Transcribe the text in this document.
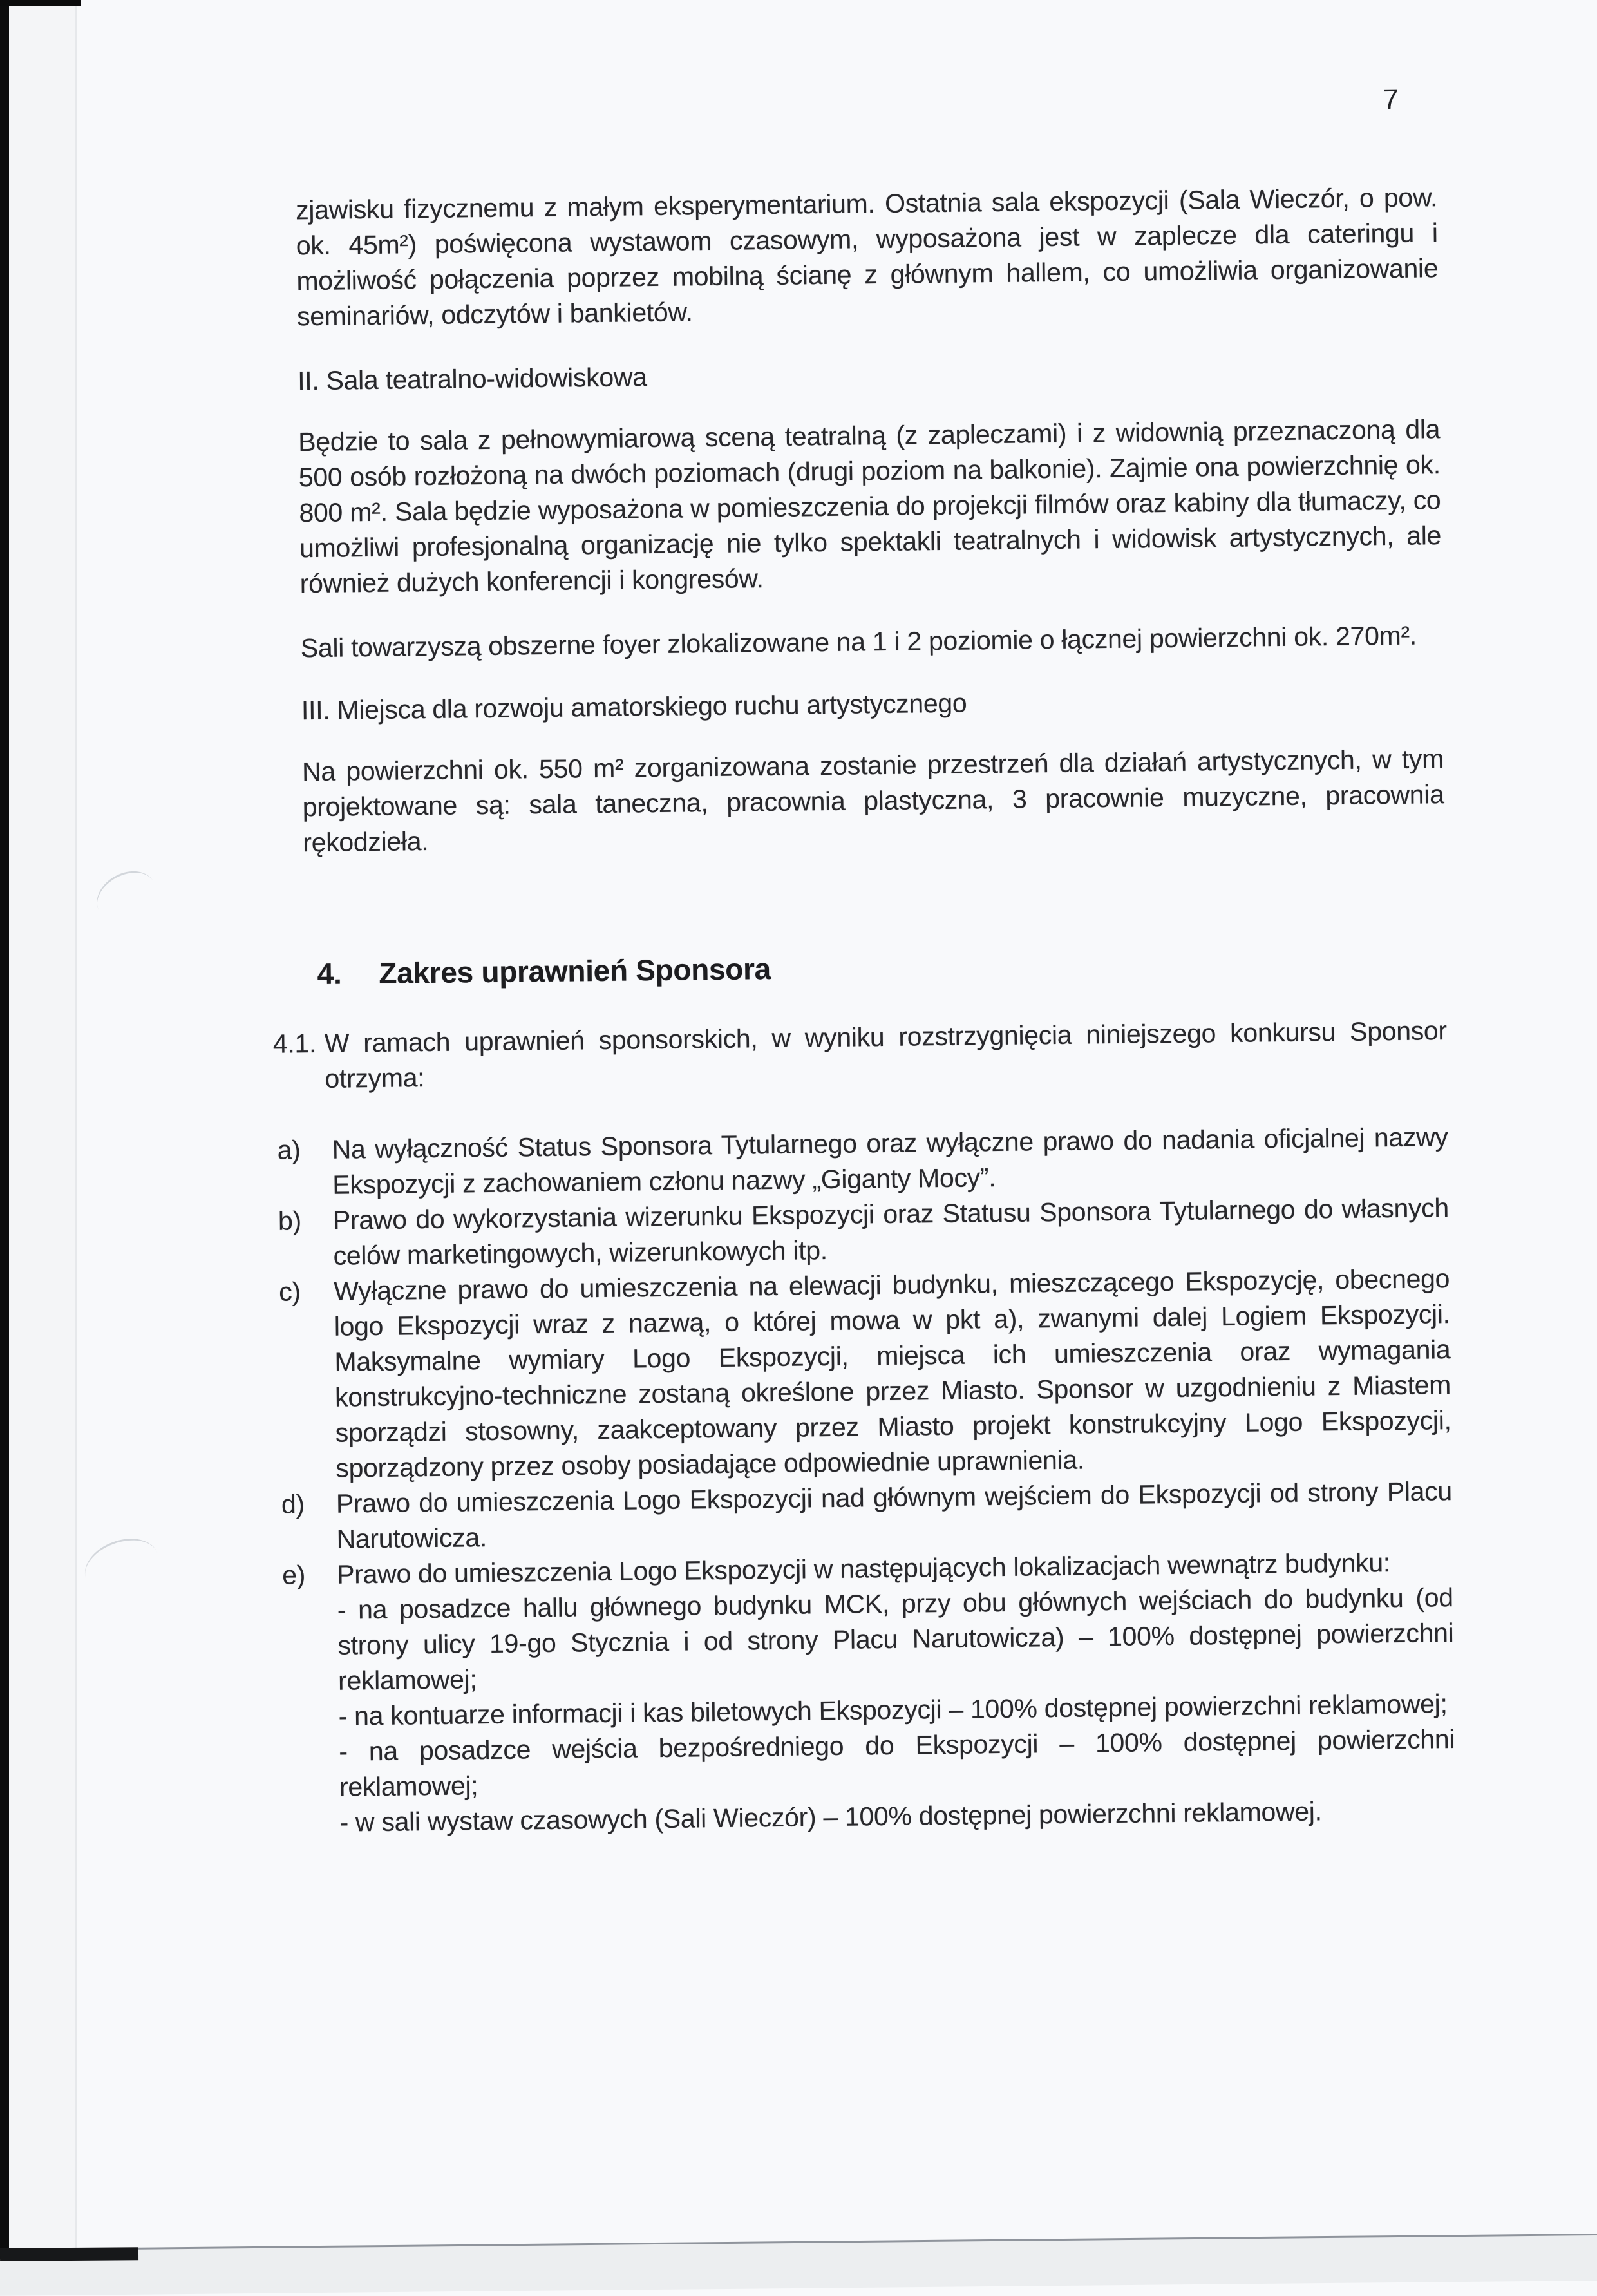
7

zjawisku fizycznemu z małym eksperymentarium. Ostatnia sala ekspozycji (Sala Wieczór, o pow. ok. 45m²) poświęcona wystawom czasowym, wyposażona jest w zaplecze dla cateringu i możliwość połączenia poprzez mobilną ścianę z głównym hallem, co umożliwia organizowanie seminariów, odczytów i bankietów.

II. Sala teatralno-widowiskowa

Będzie to sala z pełnowymiarową sceną teatralną (z zapleczami) i z widownią przeznaczoną dla 500 osób rozłożoną na dwóch poziomach (drugi poziom na balkonie). Zajmie ona powierzchnię ok. 800 m². Sala będzie wyposażona w pomieszczenia do projekcji filmów oraz kabiny dla tłumaczy, co umożliwi profesjonalną organizację nie tylko spektakli teatralnych i widowisk artystycznych, ale również dużych konferencji i kongresów.

Sali towarzyszą obszerne foyer zlokalizowane na 1 i 2 poziomie o łącznej powierzchni ok. 270m².

III. Miejsca dla rozwoju amatorskiego ruchu artystycznego

Na powierzchni ok. 550 m² zorganizowana zostanie przestrzeń dla działań artystycznych, w tym projektowane są: sala taneczna, pracownia plastyczna, 3 pracownie muzyczne, pracownia rękodzieła.

4. Zakres uprawnień Sponsora
4.1. W ramach uprawnień sponsorskich, w wyniku rozstrzygnięcia niniejszego konkursu Sponsor otrzyma:
a) Na wyłączność Status Sponsora Tytularnego oraz wyłączne prawo do nadania oficjalnej nazwy Ekspozycji z zachowaniem członu nazwy „Giganty Mocy”.
b) Prawo do wykorzystania wizerunku Ekspozycji oraz Statusu Sponsora Tytularnego do własnych celów marketingowych, wizerunkowych itp.
c) Wyłączne prawo do umieszczenia na elewacji budynku, mieszczącego Ekspozycję, obecnego logo Ekspozycji wraz z nazwą, o której mowa w pkt a), zwanymi dalej Logiem Ekspozycji. Maksymalne wymiary Logo Ekspozycji, miejsca ich umieszczenia oraz wymagania konstrukcyjno-techniczne zostaną określone przez Miasto. Sponsor w uzgodnieniu z Miastem sporządzi stosowny, zaakceptowany przez Miasto projekt konstrukcyjny Logo Ekspozycji, sporządzony przez osoby posiadające odpowiednie uprawnienia.
d) Prawo do umieszczenia Logo Ekspozycji nad głównym wejściem do Ekspozycji od strony Placu Narutowicza.
e) Prawo do umieszczenia Logo Ekspozycji w następujących lokalizacjach wewnątrz budynku:

- na posadzce hallu głównego budynku MCK, przy obu głównych wejściach do budynku (od strony ulicy 19-go Stycznia i od strony Placu Narutowicza) – 100% dostępnej powierzchni reklamowej;

- na kontuarze informacji i kas biletowych Ekspozycji – 100% dostępnej powierzchni reklamowej;

- na posadzce wejścia bezpośredniego do Ekspozycji – 100% dostępnej powierzchni reklamowej;

- w sali wystaw czasowych (Sali Wieczór) – 100% dostępnej powierzchni reklamowej.
